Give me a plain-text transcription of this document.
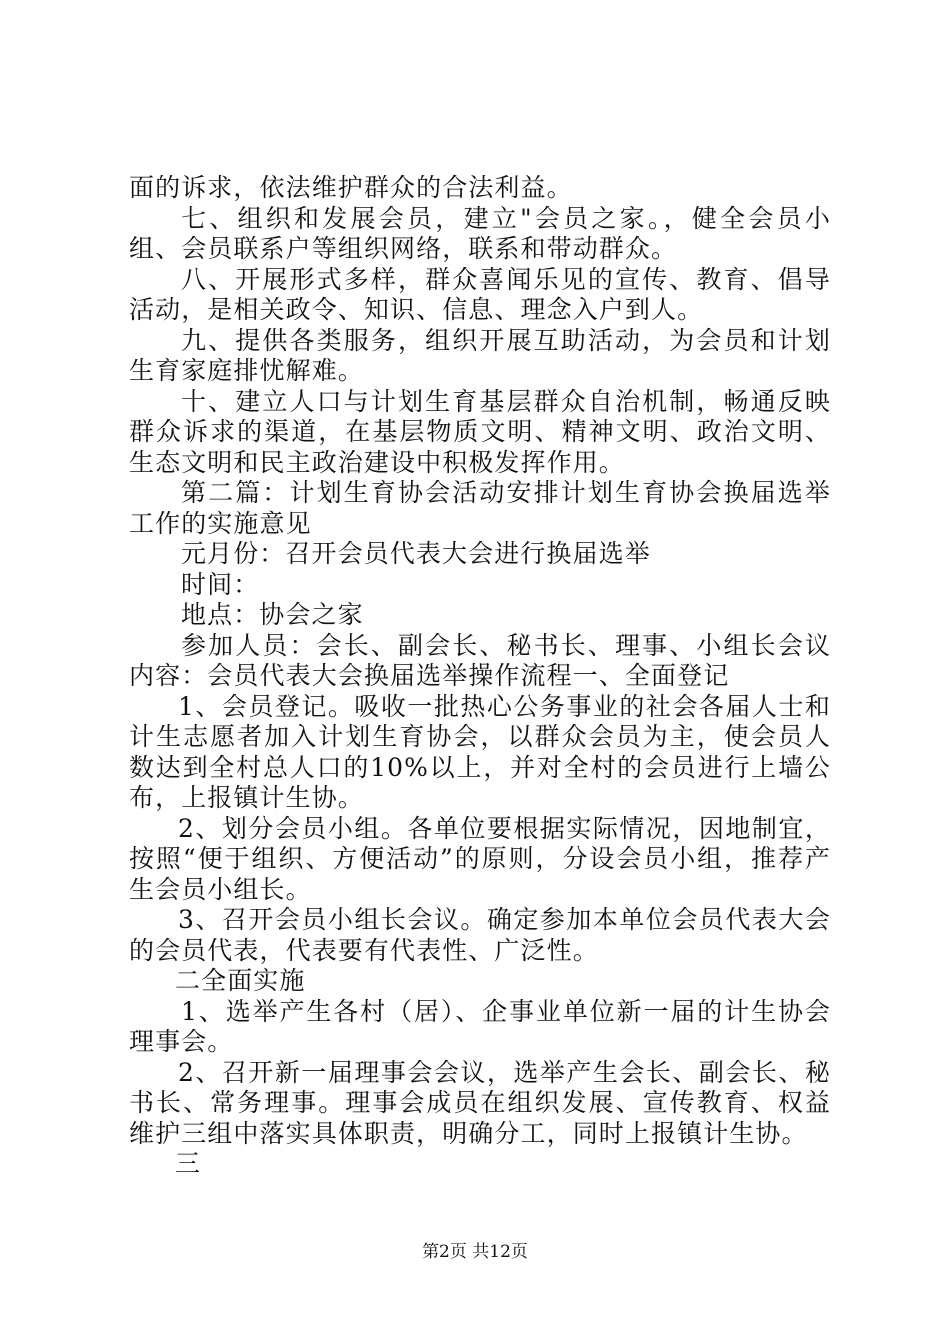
面的诉求，依法维护群众的合法利益。

七、组织和发展会员，建立"会员之家。，健全会员小组、会员联系户等组织网络，联系和带动群众。

八、开展形式多样，群众喜闻乐见的宣传、教育、倡导活动，是相关政令、知识、信息、理念入户到人。

九、提供各类服务，组织开展互助活动，为会员和计划生育家庭排忧解难。

十、建立人口与计划生育基层群众自治机制，畅通反映群众诉求的渠道，在基层物质文明、精神文明、政治文明、生态文明和民主政治建设中积极发挥作用。

第二篇：计划生育协会活动安排计划生育协会换届选举工作的实施意见

元月份：召开会员代表大会进行换届选举

时间：

地点：协会之家

参加人员：会长、副会长、秘书长、理事、小组长会议内容：会员代表大会换届选举操作流程一、全面登记

1、会员登记。吸收一批热心公务事业的社会各届人士和计生志愿者加入计划生育协会，以群众会员为主，使会员人数达到全村总人口的10%以上，并对全村的会员进行上墙公布，上报镇计生协。

2、划分会员小组。各单位要根据实际情况，因地制宜，按照“便于组织、方便活动”的原则，分设会员小组，推荐产生会员小组长。

3、召开会员小组长会议。确定参加本单位会员代表大会的会员代表，代表要有代表性、广泛性。

二全面实施

1、选举产生各村（居）、企事业单位新一届的计生协会理事会。

2、召开新一届理事会会议，选举产生会长、副会长、秘书长、常务理事。理事会成员在组织发展、宣传教育、权益维护三组中落实具体职责，明确分工，同时上报镇计生协。

三

第2页 共12页
